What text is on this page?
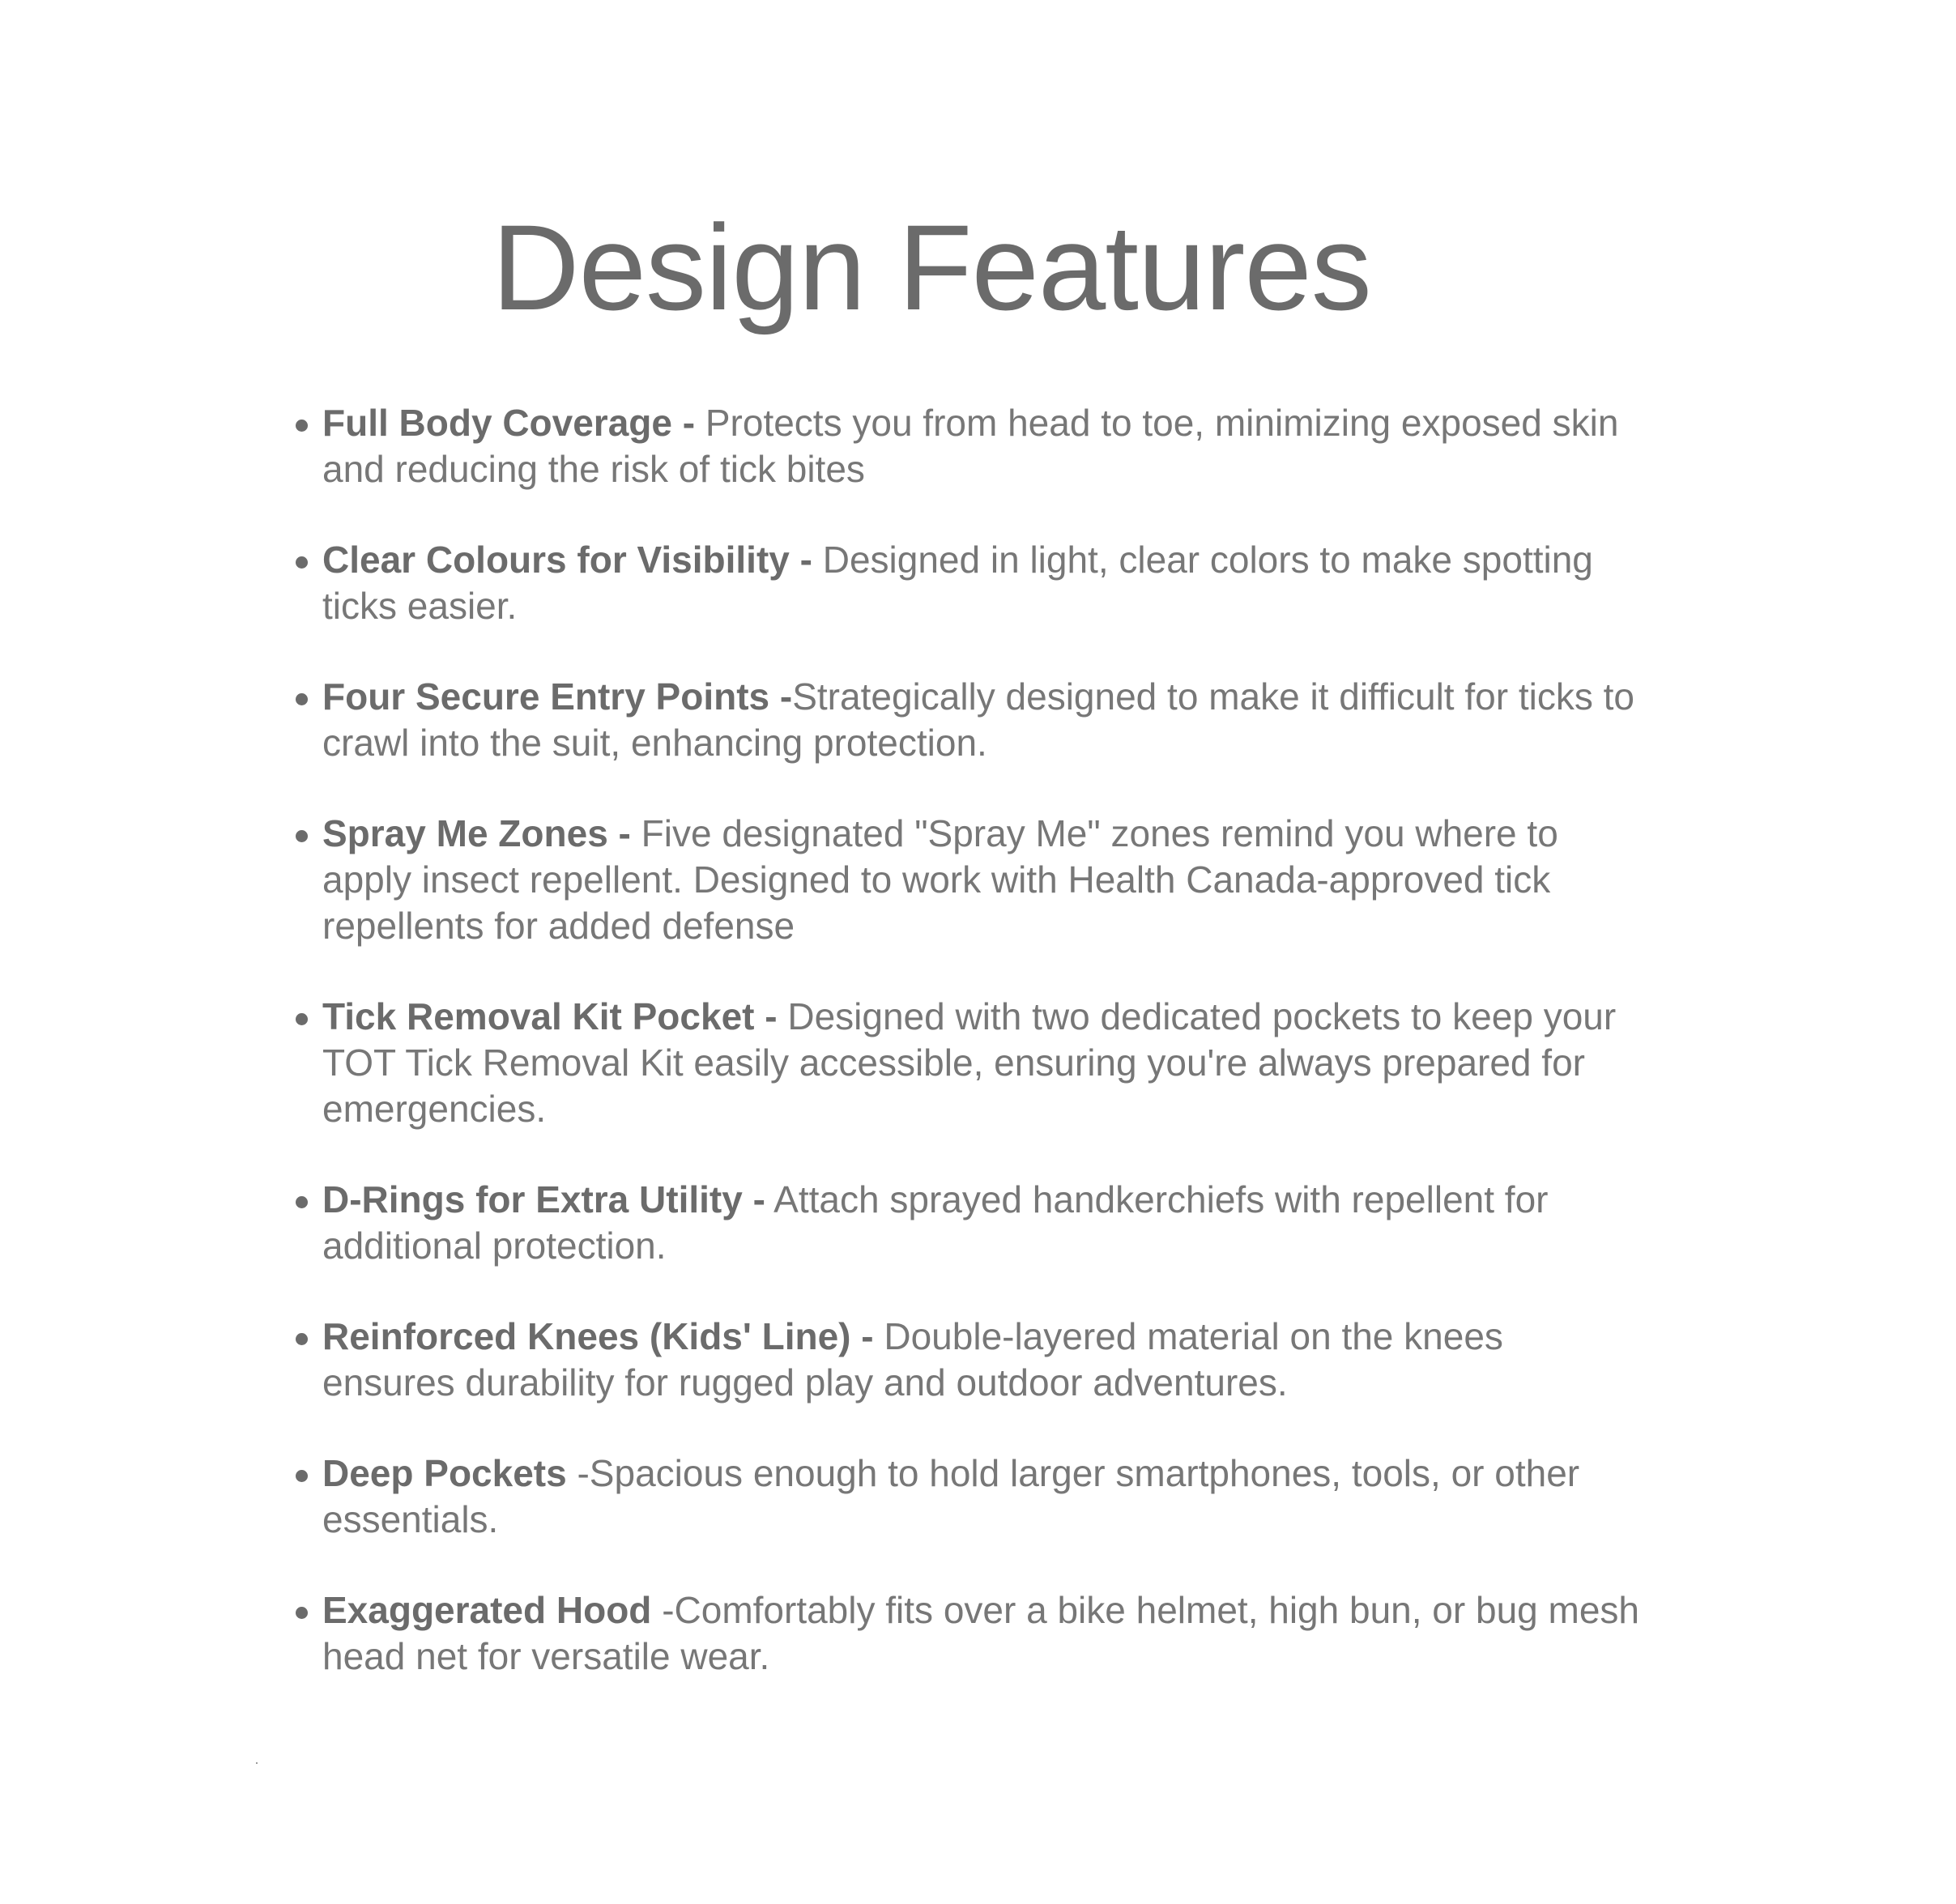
Design Features
Full Body Coverage - Protects you from head to toe, minimizing exposed skin and reducing the risk of tick bites
Clear Colours for Visibility - Designed in light, clear colors to make spotting ticks easier.
Four Secure Entry Points -Strategically designed to make it difficult for ticks to crawl into the suit, enhancing protection.
Spray Me Zones - Five designated "Spray Me" zones remind you where to apply insect repellent. Designed to work with Health Canada-approved tick repellents for added defense
Tick Removal Kit Pocket - Designed with two dedicated pockets to keep your TOT Tick Removal Kit easily accessible, ensuring you're always prepared for emergencies.
D-Rings for Extra Utility - Attach sprayed handkerchiefs with repellent for additional protection.
Reinforced Knees (Kids' Line) - Double-layered material on the knees ensures durability for rugged play and outdoor adventures.
Deep Pockets -Spacious enough to hold larger smartphones, tools, or other essentials.
Exaggerated Hood -Comfortably fits over a bike helmet, high bun, or bug mesh head net for versatile wear.
